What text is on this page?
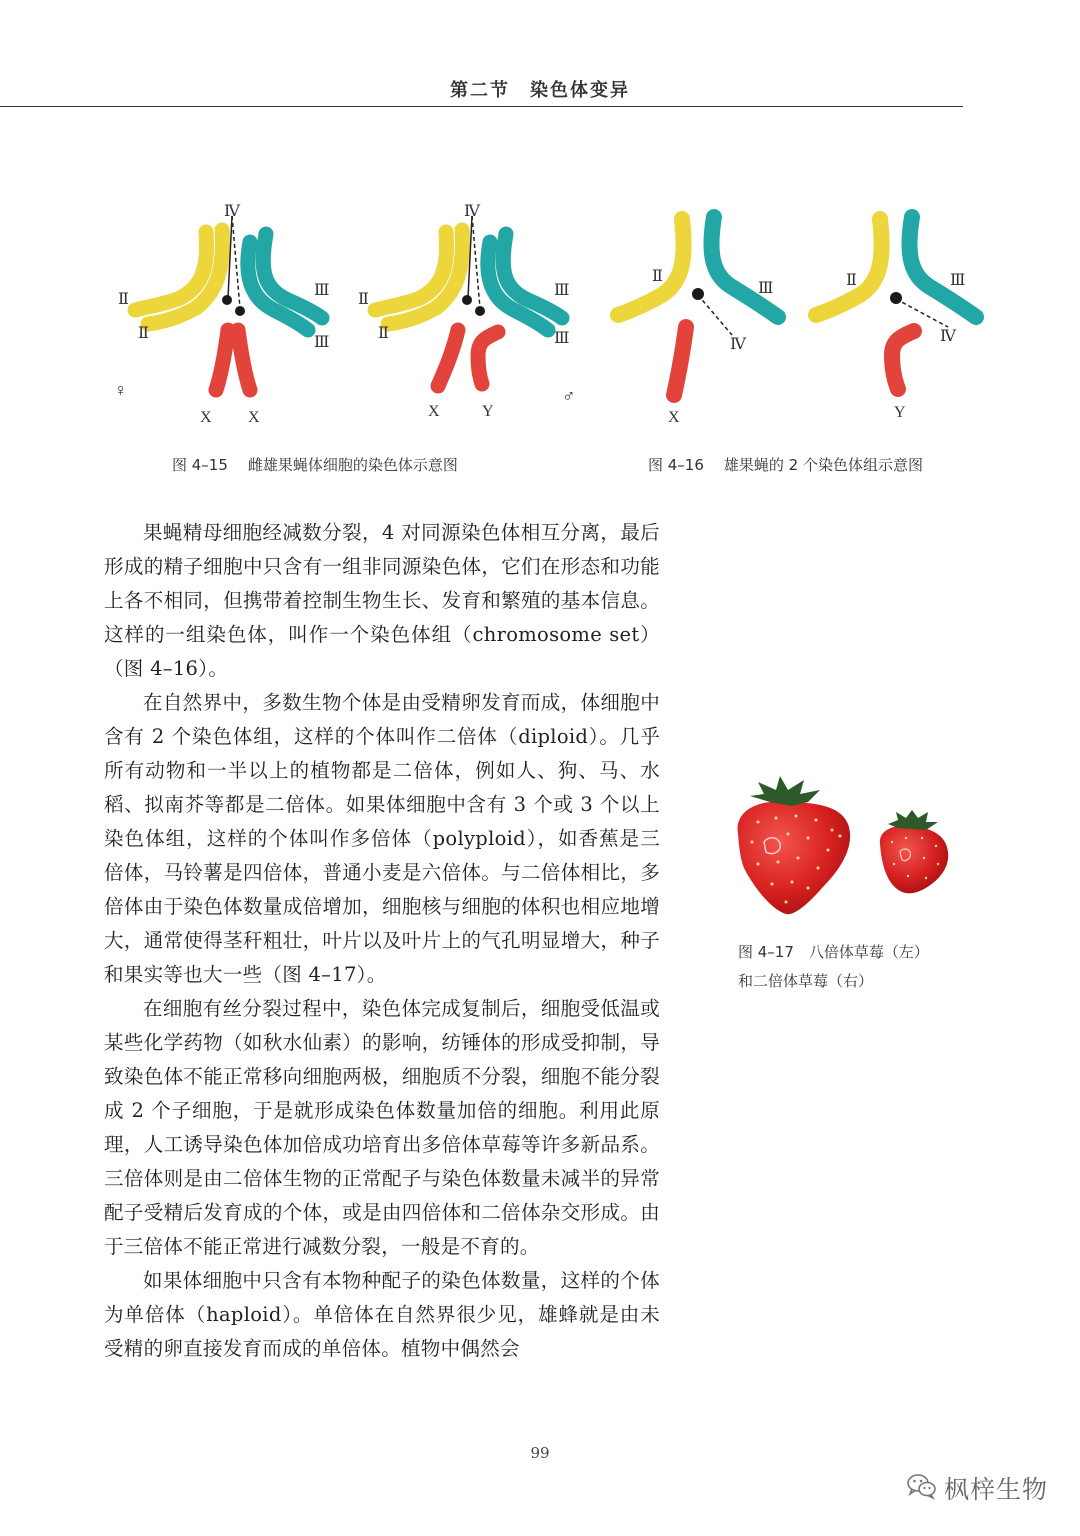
第二节　染色体变异
Ⅳ
Ⅱ
Ⅱ
Ⅲ
Ⅲ
X X
♀
Ⅳ
Ⅱ
Ⅱ
Ⅲ
Ⅲ
X	Y
♂
图 4–15 雌雄果蝇体细胞的染色体示意图
Ⅱ
Ⅲ
Ⅳ
X
Ⅱ	Ⅲ
Ⅳ
Y
图 4–16 雄果蝇的 2 个染色体组示意图

果蝇精母细胞经减数分裂，4 对同源染色体相互分离，最后形成的精子细胞中只含有一组非同源染色体，它们在形态和功能上各不相同，但携带着控制生物生长、发育和繁殖的基本信息。这样的一组染色体，叫作一个染色体组（chromosome set）（图 4–16）。

在自然界中，多数生物个体是由受精卵发育而成，体细胞中含有 2 个染色体组，这样的个体叫作二倍体（diploid）。几乎所有动物和一半以上的植物都是二倍体，例如人、狗、马、水稻、拟南芥等都是二倍体。如果体细胞中含有 3 个或 3 个以上染色体组，这样的个体叫作多倍体（polyploid），如香蕉是三倍体，马铃薯是四倍体，普通小麦是六倍体。与二倍体相比，多倍体由于染色体数量成倍增加，细胞核与细胞的体积也相应地增大，通常使得茎秆粗壮，叶片以及叶片上的气孔明显增大，种子和果实等也大一些（图 4–17）。

在细胞有丝分裂过程中，染色体完成复制后，细胞受低温或某些化学药物（如秋水仙素）的影响，纺锤体的形成受抑制，导致染色体不能正常移向细胞两极，细胞质不分裂，细胞不能分裂成 2 个子细胞，于是就形成染色体数量加倍的细胞。利用此原理，人工诱导染色体加倍成功培育出多倍体草莓等许多新品系。三倍体则是由二倍体生物的正常配子与染色体数量未减半的异常配子受精后发育成的个体，或是由四倍体和二倍体杂交形成。由于三倍体不能正常进行减数分裂，一般是不育的。

如果体细胞中只含有本物种配子的染色体数量，这样的个体为单倍体（haploid）。单倍体在自然界很少见，雄蜂就是由未受精的卵直接发育而成的单倍体。植物中偶然会

图 4–17　八倍体草莓（左）
和二倍体草莓（右）
99
枫梓生物
